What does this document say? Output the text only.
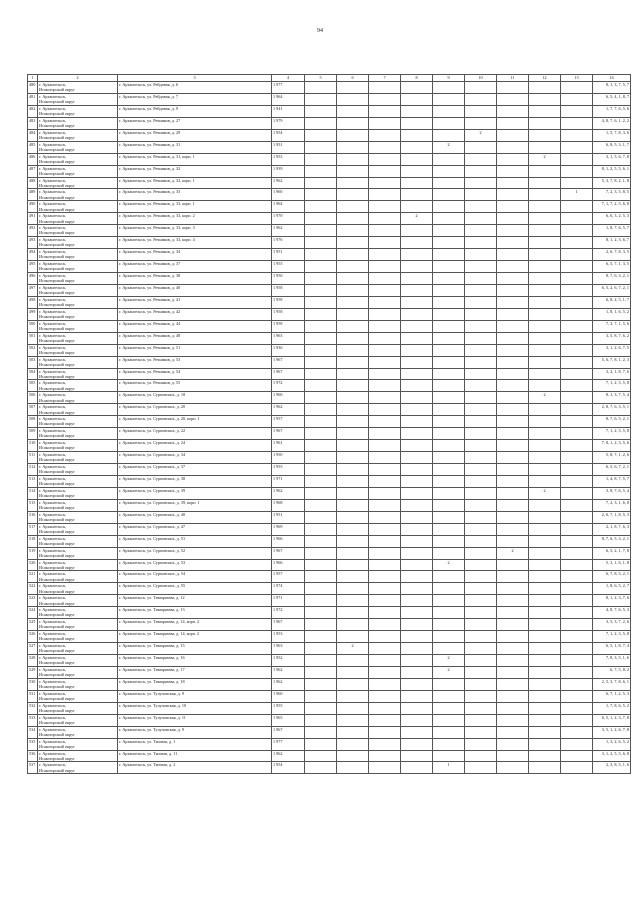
94
1	2	3	4	5	6	7	8	9	10	11	12	13	14
480	г. Архангельск,
Исакогорский округ	г. Архангельск, ул. Рейдовая, д. 6	1 977										8, 1, 3, 7, 5, 7
481	г. Архангельск,
Исакогорский округ	г. Архангельск, ул. Рейдовая, д. 7	1 964										6, 5, 4, 1, 8, 7
482	г. Архангельск,
Исакогорский округ	г. Архангельск, ул. Рейдовая, д. 9	1 941										1, 7, 7, 6, 5, 6
483	г. Архангельск,
Исакогорский округ	г. Архангельск, ул. Речников, д. 27	1 979										4, 8, 7, 6, 1, 2, 2
484	г. Архангельск,
Исакогорский округ	г. Архангельск, ул. Речников, д. 29	1 954						2				1, 5, 7, 8, 3, 6
485	г. Архангельск,
Исакогорский округ	г. Архангельск, ул. Речников, д. 31	1 951					2					6, 8, 5, 3, 1, 7
486	г. Архангельск,
Исакогорский округ	г. Архангельск, ул. Речников, д. 31, корп. 1	1 953								2		3, 1, 5, 6, 7, 8
487	г. Архангельск,
Исакогорский округ	г. Архангельск, ул. Речников, д. 32	1 939										8, 1, 2, 5, 5, 6, 1
488	г. Архангельск,
Исакогорский округ	г. Архангельск, ул. Речников, д. 32, корп. 1	1 962										5, 3, 7, 8, 2, 1, 8
489	г. Архангельск,
Исакогорский округ	г. Архангельск, ул. Речников, д. 33	1 960									1	7, 2, 3, 5, 8, 5
490	г. Архангельск,
Исакогорский округ	г. Архангельск, ул. Речников, д. 33, корп. 1	1 964										7, 1, 7, 2, 5, 6, 8
491	г. Архангельск,
Исакогорский округ	г. Архангельск, ул. Речников, д. 33, корп. 2	1 970				2						6, 6, 3, 2, 5, 3
492	г. Архангельск,
Исакогорский округ	г. Архангельск, ул. Речников, д. 33, корп. 3	1 962										1, 8, 7, 6, 5, 7
493	г. Архангельск,
Исакогорский округ	г. Архангельск, ул. Речников, д. 33, корп. 4	1 976										8, 1, 2, 3, 6, 7
494	г. Архангельск,
Исакогорский округ	г. Архангельск, ул. Речников, д. 34	1 951										2, 6, 7, 8, 3, 5
495	г. Архангельск,
Исакогорский округ	г. Архангельск, ул. Речников, д. 37	1 955										6, 5, 7, 1, 3, 5
496	г. Архангельск,
Исакогорский округ	г. Архангельск, ул. Речников, д. 38	1 950										8, 7, 6, 3, 2, 1
497	г. Архангельск,
Исакогорский округ	г. Архангельск, ул. Речников, д. 40	1 958										6, 5, 2, 6, 7, 2, 1
498	г. Архангельск,
Исакогорский округ	г. Архангельск, ул. Речников, д. 41	1 958										6, 8, 2, 5, 1, 7
499	г. Архангельск,
Исакогорский округ	г. Архангельск, ул. Речников, д. 42	1 958										1, 8, 1, 6, 5, 2
500	г. Архангельск,
Исакогорский округ	г. Архангельск, ул. Речников, д. 44	1 958										7, 3, 7, 1, 5, 6
501	г. Архангельск,
Исакогорский округ	г. Архангельск, ул. Речников, д. 48	1 963										3, 5, 8, 7, 6, 2
502	г. Архангельск,
Исакогорский округ	г. Архангельск, ул. Речников, д. 51	1 936										3, 1, 2, 6, 7, 5
503	г. Архангельск,
Исакогорский округ	г. Архангельск, ул. Речников, д. 53	1 967										5, 6, 7, 8, 1, 2, 3
504	г. Архангельск,
Исакогорский округ	г. Архангельск, ул. Речников, д. 54	1 967										3, 2, 1, 8, 7, 6
505	г. Архангельск,
Исакогорский округ	г. Архангельск, ул. Речников, д. 55	1 972										7, 1, 2, 3, 5, 8
506	г. Архангельск,
Исакогорский округ	г. Архангельск, ул. Сурповских, д. 18	1 960								2		8, 1, 3, 7, 5, 4
507	г. Архангельск,
Исакогорский округ	г. Архангельск, ул. Сурповских, д. 20	1 962										2, 8, 7, 6, 3, 5, 1
508	г. Архангельск,
Исакогорский округ	г. Архангельск, ул. Сурповских, д. 20, корп. 1	1 957										8, 7, 6, 5, 2, 1
509	г. Архангельск,
Исакогорский округ	г. Архангельск, ул. Сурповских, д. 22	1 967										7, 1, 2, 3, 5, 8
510	г. Архангельск,
Исакогорский округ	г. Архангельск, ул. Сурповских, д. 24	1 961										7, 8, 1, 2, 3, 5, 6
511	г. Архангельск,
Исакогорский округ	г. Архангельск, ул. Сурповских, д. 34	1 950										5, 8, 7, 1, 2, 6
512	г. Архангельск,
Исакогорский округ	г. Архангельск, ул. Сурповских, д. 37	1 955										6, 5, 6, 7, 2, 1
513	г. Архангельск,
Исакогорский округ	г. Архангельск, ул. Сурповских, д. 38	1 971										1, 4, 8, 7, 5, 7
514	г. Архангельск,
Исакогорский округ	г. Архангельск, ул. Сурповских, д. 39	1 962								2		3, 8, 7, 6, 5, 4
515	г. Архангельск,
Исакогорский округ	г. Архангельск, ул. Сурповских, д. 39, корп. 1	1 968										7, 2, 3, 1, 6, 8
516	г. Архангельск,
Исакогорский округ	г. Архангельск, ул. Сурповских, д. 40	1 951										2, 6, 7, 1, 8, 5, 3
517	г. Архангельск,
Исакогорский округ	г. Архангельск, ул. Сурповских, д. 47	1 969										2, 1, 8, 7, 6, 3
518	г. Архангельск,
Исакогорский округ	г. Архангельск, ул. Сурповских, д. 51	1 966										8, 7, 6, 5, 3, 2, 1
519	г. Архангельск,
Исакогорский округ	г. Архангельск, ул. Сурповских, д. 52	1 967							2			6, 5, 2, 1, 7, 8
520	г. Архангельск,
Исакогорский округ	г. Архангельск, ул. Сурповских, д. 53	1 966					2					5, 3, 1, 6, 1, 8
521	г. Архангельск,
Исакогорский округ	г. Архангельск, ул. Сурповских, д. 54	1 957										6, 7, 8, 5, 2, 1
522	г. Архангельск,
Исакогорский округ	г. Архангельск, ул. Сурповских, д. 55	1 974										1, 8, 6, 5, 2, 7
523	г. Архангельск,
Исакогорский округ	г. Архангельск, ул. Тимирязева, д. 12	1 971										8, 1, 2, 3, 7, 6
524	г. Архангельск,
Исакогорский округ	г. Архангельск, ул. Тимирязева, д. 13	1 972										4, 8, 7, 6, 5, 3
525	г. Архангельск,
Исакогорский округ	г. Архангельск, ул. Тимирязева, д. 14, корп. 2	1 967										3, 5, 3, 7, 2, 6
526	г. Архангельск,
Исакогорский округ	г. Архангельск, ул. Тимирязева, д. 14, корп. 2	1 953										7, 1, 2, 3, 5, 8
527	г. Архангельск,
Исакогорский округ	г. Архангельск, ул. Тимирязева, д. 15	1 963		2								6, 5, 1, 8, 7, 4
528	г. Архангельск,
Исакогорский округ	г. Архангельск, ул. Тимирязева, д. 16	1 952					2					7, 8, 3, 5, 1, 6
529	г. Архангельск,
Исакогорский округ	г. Архангельск, ул. Тимирязева, д. 17	1 962					2					6, 7, 5, 8, 2
530	г. Архангельск,
Исакогорский округ	г. Архангельск, ул. Тимирязева, д. 18	1 962										2, 5, 3, 7, 8, 6, 1
531	г. Архангельск,
Исакогорский округ	г. Архангельск, ул. Тулуповская, д. 9	1 960										6, 7, 1, 2, 5, 3
532	г. Архангельск,
Исакогорский округ	г. Архангельск, ул. Тулуповская, д. 10	1 955										1, 7, 8, 6, 5, 2
533	г. Архангельск,
Исакогорский округ	г. Архангельск, ул. Тулуповская, д. 11	1 965										6, 5, 1, 2, 3, 7, 8
534	г. Архангельск,
Исакогорский округ	г. Архангельск, ул. Тулуповская, д. 9	1 967										3, 5, 1, 2, 6, 7, 8
535	г. Архангельск,
Исакогорский округ	г. Архангельск, ул. Тяговая, д. 1	1 977										1, 3, 2, 6, 5, 2
536	г. Архангельск,
Исакогорский округ	г. Архангельск, ул. Тяговая, д. 11	1 962										3, 1, 2, 5, 5, 6, 8
537	г. Архангельск,
Исакогорский округ	г. Архангельск, ул. Тяговая, д. 2	1 954					1					2, 3, 8, 5, 1, 6
